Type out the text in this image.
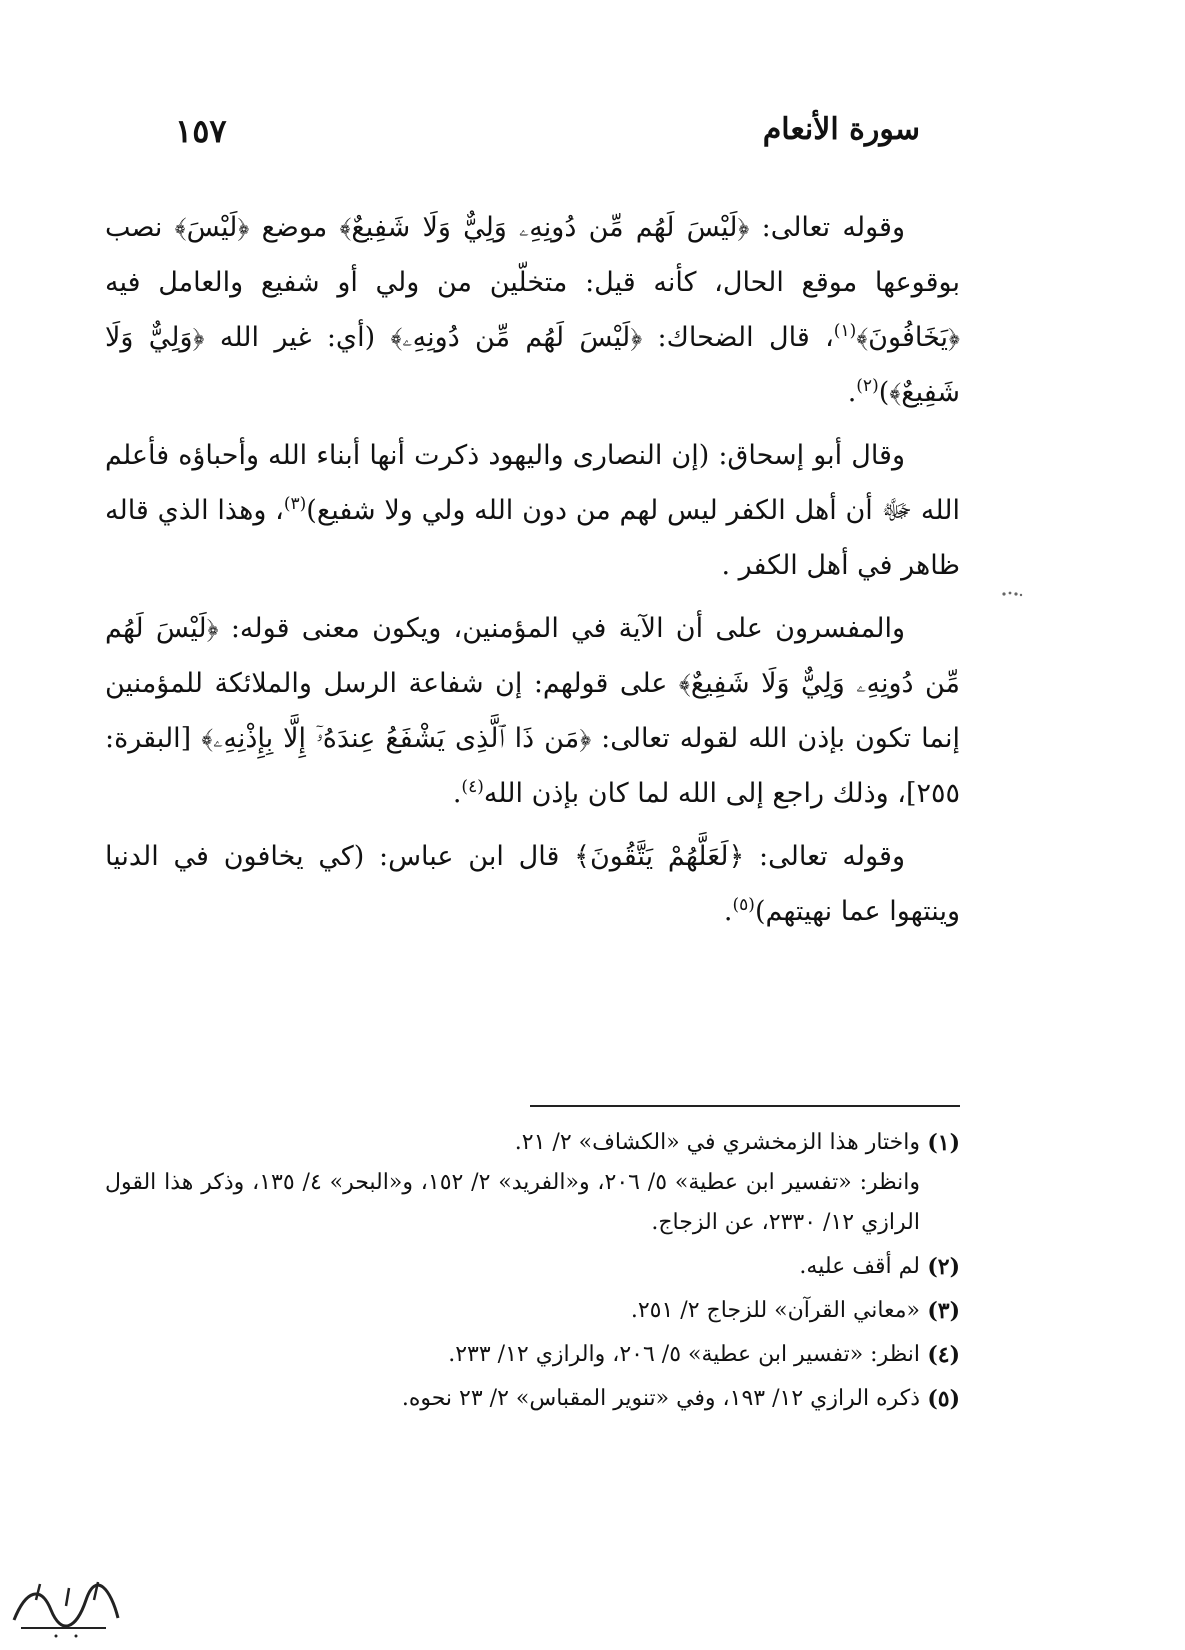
سورة الأنعام
١٥٧

وقوله تعالى: ﴿لَيْسَ لَهُم مِّن دُونِهِۦ وَلِيٌّ وَلَا شَفِيعٌ﴾ موضع ﴿لَيْسَ﴾ نصب بوقوعها موقع الحال، كأنه قيل: متخلّين من ولي أو شفيع والعامل فيه ﴿يَخَافُونَ﴾$^{(١)}$، قال الضحاك: ﴿لَيْسَ لَهُم مِّن دُونِهِۦ﴾ (أي: غير الله ﴿وَلِيٌّ وَلَا شَفِيعٌ﴾)$^{(٢)}$.

وقال أبو إسحاق: (إن النصارى واليهود ذكرت أنها أبناء الله وأحباؤه فأعلم الله ﷻ أن أهل الكفر ليس لهم من دون الله ولي ولا شفيع)$^{(٣)}$، وهذا الذي قاله ظاهر في أهل الكفر .

والمفسرون على أن الآية في المؤمنين، ويكون معنى قوله: ﴿لَيْسَ لَهُم مِّن دُونِهِۦ وَلِيٌّ وَلَا شَفِيعٌ﴾ على قولهم: إن شفاعة الرسل والملائكة للمؤمنين إنما تكون بإذن الله لقوله تعالى: ﴿مَن ذَا ٱلَّذِى يَشْفَعُ عِندَهُۥٓ إِلَّا بِإِذْنِهِۦ﴾ [البقرة: ٢٥٥]، وذلك راجع إلى الله لما كان بإذن الله$^{(٤)}$.

وقوله تعالى: ﴿لَعَلَّهُمْ يَتَّقُونَ﴾ قال ابن عباس: (كي يخافون في الدنيا وينتهوا عما نهيتهم)$^{(٥)}$.

(١)
واختار هذا الزمخشري في «الكشاف» ٢/ ٢١.
وانظر: «تفسير ابن عطية» ٥/ ٢٠٦، و«الفريد» ٢/ ١٥٢، و«البحر» ٤/ ١٣٥، وذكر هذا القول الرازي ١٢/ ٢٣٣٠، عن الزجاج.
(٢)
لم أقف عليه.
(٣)
«معاني القرآن» للزجاج ٢/ ٢٥١.
(٤)
انظر: «تفسير ابن عطية» ٥/ ٢٠٦، والرازي ١٢/ ٢٣٣.
(٥)
ذكره الرازي ١٢/ ١٩٣، وفي «تنوير المقباس» ٢/ ٢٣ نحوه.
